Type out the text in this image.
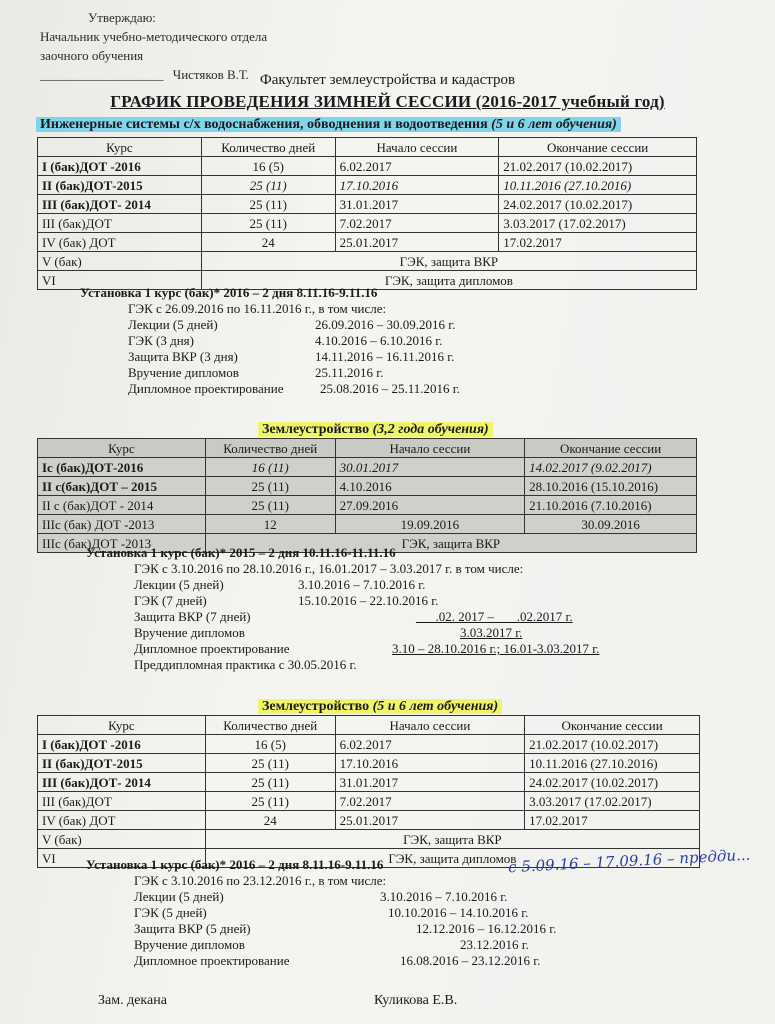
Утверждаю:
Начальник учебно-методического отдела
заочного обучения
___________________ Чистяков В.Т. Факультет землеустройства и кадастров
ГРАФИК ПРОВЕДЕНИЯ ЗИМНЕЙ СЕССИИ (2016-2017 учебный год)
Инженерные системы с/х водоснабжения, обводнения и водоотведения (5 и 6 лет обучения)
Курс	Количество дней	Начало сессии	Окончание сессии
I (бак)ДОТ -2016	16 (5)	6.02.2017	21.02.2017 (10.02.2017)
II (бак)ДОТ-2015	25 (11)	17.10.2016	10.11.2016 (27.10.2016)
III (бак)ДОТ- 2014	25 (11)	31.01.2017	24.02.2017 (10.02.2017)
III (бак)ДОТ	25 (11)	7.02.2017	3.03.2017 (17.02.2017)
IV (бак) ДОТ	24	25.01.2017	17.02.2017
V (бак)	ГЭК, защита ВКР		
VI	ГЭК, защита дипломов		
Установка 1 курс (бак)* 2016 – 2 дня 8.11.16-9.11.16
ГЭК с 26.09.2016 по 16.11.2016 г., в том числе:
Лекции (5 дней)	26.09.2016 – 30.09.2016 г.
ГЭК (3 дня)	4.10.2016 – 6.10.2016 г.
Защита ВКР (3 дня)	14.11.2016 – 16.11.2016 г.
Вручение дипломов	25.11.2016 г.
Дипломное проектирование	25.08.2016 – 25.11.2016 г.
Землеустройство (3,2 года обучения)
Курс	Количество дней	Начало сессии	Окончание сессии
Iс (бак)ДОТ-2016	16 (11)	30.01.2017	14.02.2017 (9.02.2017)
II с(бак)ДОТ – 2015	25 (11)	4.10.2016	28.10.2016 (15.10.2016)
II с (бак)ДОТ - 2014	25 (11)	27.09.2016	21.10.2016 (7.10.2016)
IIIс (бак) ДОТ -2013	12	19.09.2016	30.09.2016
IIIс (бак)ДОТ -2013	ГЭК, защита ВКР		
Установка 1 курс (бак)* 2015 – 2 дня 10.11.16-11.11.16
ГЭК с 3.10.2016 по 28.10.2016 г., 16.01.2017 – 3.03.2017 г. в том числе:
Лекции (5 дней)	3.10.2016 – 7.10.2016 г.
ГЭК (7 дней)	15.10.2016 – 22.10.2016 г.
Защита ВКР (7 дней)	___.02. 2017 – ___.02.2017 г.
Вручение дипломов	3.03.2017 г.
Дипломное проектирование	3.10 – 28.10.2016 г.; 16.01-3.03.2017 г.
Преддипломная практика с 30.05.2016 г.
Землеустройство (5 и 6 лет обучения)
Курс	Количество дней	Начало сессии	Окончание сессии
I (бак)ДОТ -2016	16 (5)	6.02.2017	21.02.2017 (10.02.2017)
II (бак)ДОТ-2015	25 (11)	17.10.2016	10.11.2016 (27.10.2016)
III (бак)ДОТ- 2014	25 (11)	31.01.2017	24.02.2017 (10.02.2017)
III (бак)ДОТ	25 (11)	7.02.2017	3.03.2017 (17.02.2017)
IV (бак) ДОТ	24	25.01.2017	17.02.2017
V (бак)	ГЭК, защита ВКР		
VI	ГЭК, защита дипломов		
Установка 1 курс (бак)* 2016 – 2 дня 8.11.16-9.11.16
ГЭК с 3.10.2016 по 23.12.2016 г., в том числе:
Лекции (5 дней)	3.10.2016 – 7.10.2016 г.
ГЭК (5 дней)	10.10.2016 – 14.10.2016 г.
Защита ВКР (5 дней)	12.12.2016 – 16.12.2016 г.
Вручение дипломов	23.12.2016 г.
Дипломное проектирование	16.08.2016 – 23.12.2016 г.
с 5.09.16 – 17.09.16 – предди...
Зам. декана	Куликова Е.В.
